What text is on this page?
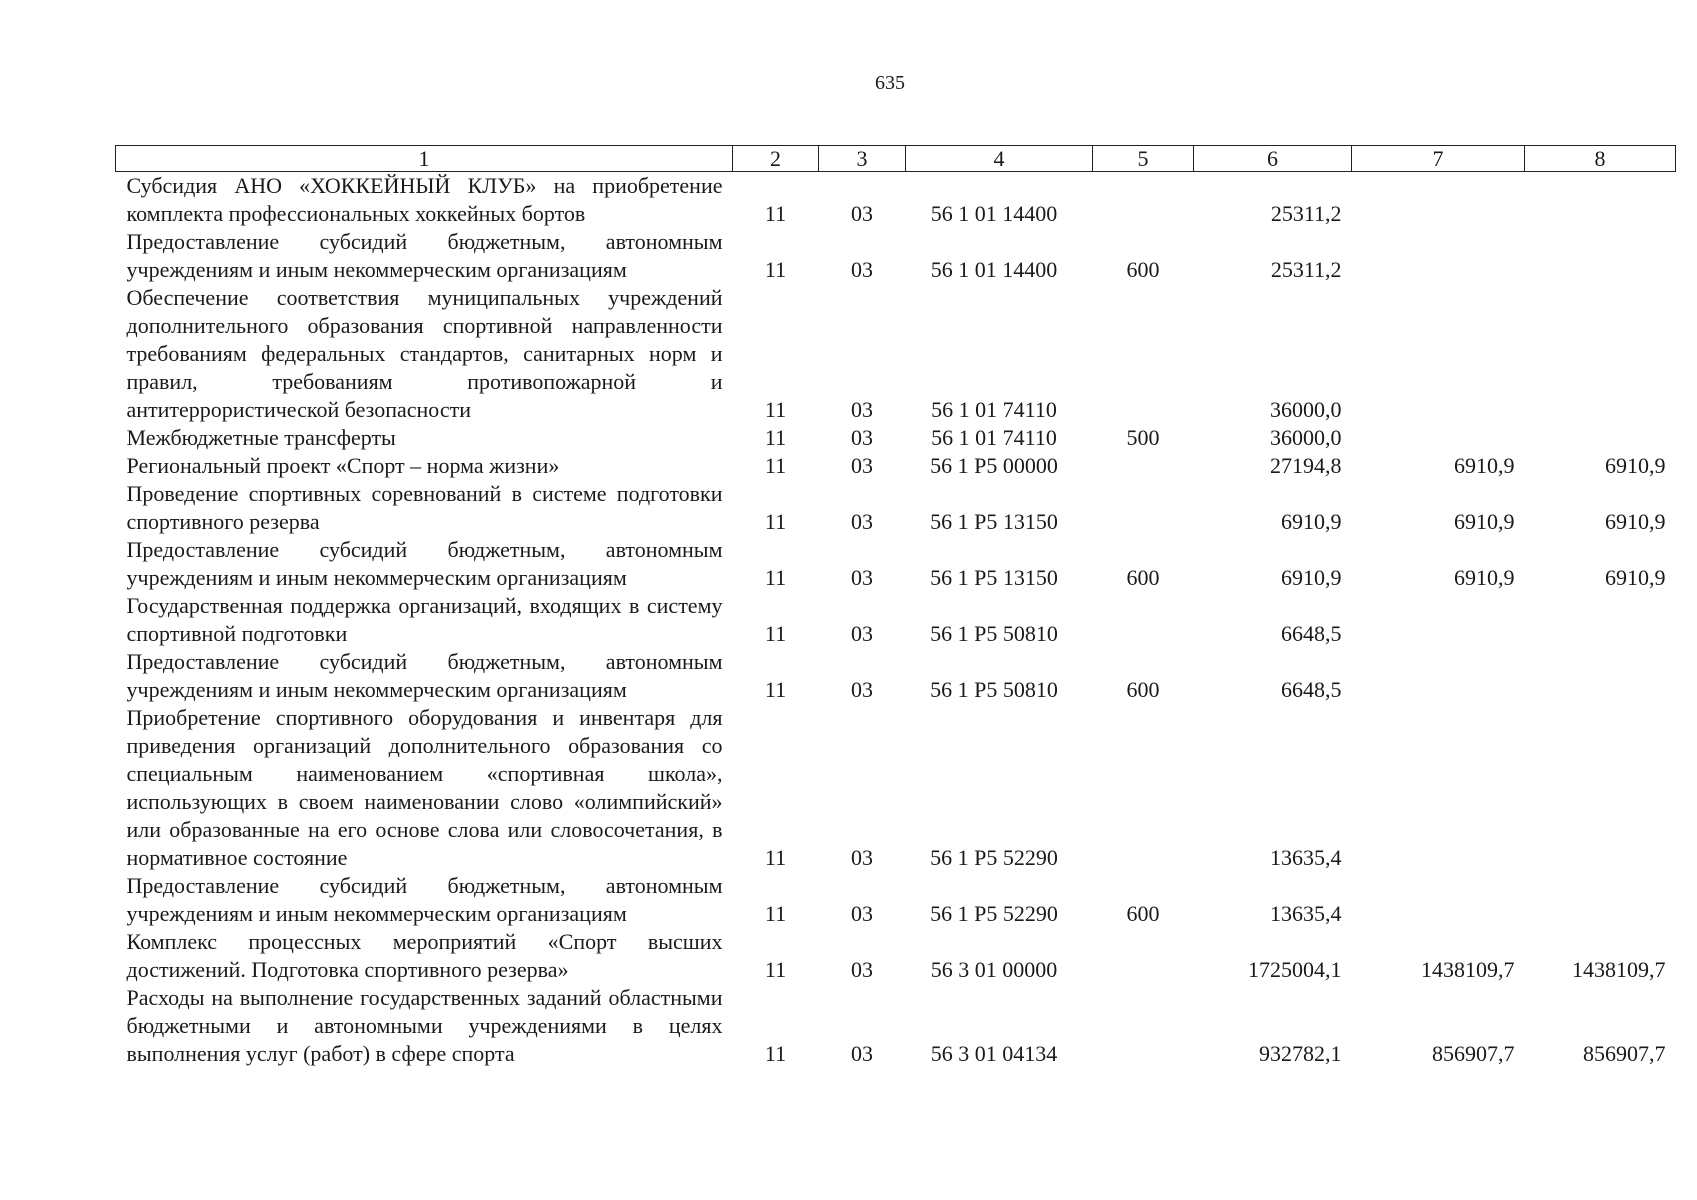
635
1	2	3	4	5	6	7	8
Субсидия АНО «ХОККЕЙНЫЙ КЛУБ» на приобретение комплекта профессиональных хоккейных бортов	11	03	56 1 01 14400		25311,2		
Предоставление субсидий бюджетным, автономным учреждениям и иным некоммерческим организациям	11	03	56 1 01 14400	600	25311,2		
Обеспечение соответствия муниципальных учреждений дополнительного образования спортивной направленности требованиям федеральных стандартов, санитарных норм и правил, требованиям противопожарной и антитеррористической безопасности	11	03	56 1 01 74110		36000,0		
Межбюджетные трансферты	11	03	56 1 01 74110	500	36000,0		
Региональный проект «Спорт – норма жизни»	11	03	56 1 Р5 00000		27194,8	6910,9	6910,9
Проведение спортивных соревнований в системе подготовки спортивного резерва	11	03	56 1 Р5 13150		6910,9	6910,9	6910,9
Предоставление субсидий бюджетным, автономным учреждениям и иным некоммерческим организациям	11	03	56 1 Р5 13150	600	6910,9	6910,9	6910,9
Государственная поддержка организаций, входящих в систему спортивной подготовки	11	03	56 1 Р5 50810		6648,5		
Предоставление субсидий бюджетным, автономным учреждениям и иным некоммерческим организациям	11	03	56 1 Р5 50810	600	6648,5		
Приобретение спортивного оборудования и инвентаря для приведения организаций дополнительного образования со специальным наименованием «спортивная школа», использующих в своем наименовании слово «олимпийский» или образованные на его основе слова или словосочетания, в нормативное состояние	11	03	56 1 Р5 52290		13635,4		
Предоставление субсидий бюджетным, автономным учреждениям и иным некоммерческим организациям	11	03	56 1 Р5 52290	600	13635,4		
Комплекс процессных мероприятий «Спорт высших достижений. Подготовка спортивного резерва»	11	03	56 3 01 00000		1725004,1	1438109,7	1438109,7
Расходы на выполнение государственных заданий областными бюджетными и автономными учреждениями в целях выполнения услуг (работ) в сфере спорта	11	03	56 3 01 04134		932782,1	856907,7	856907,7
